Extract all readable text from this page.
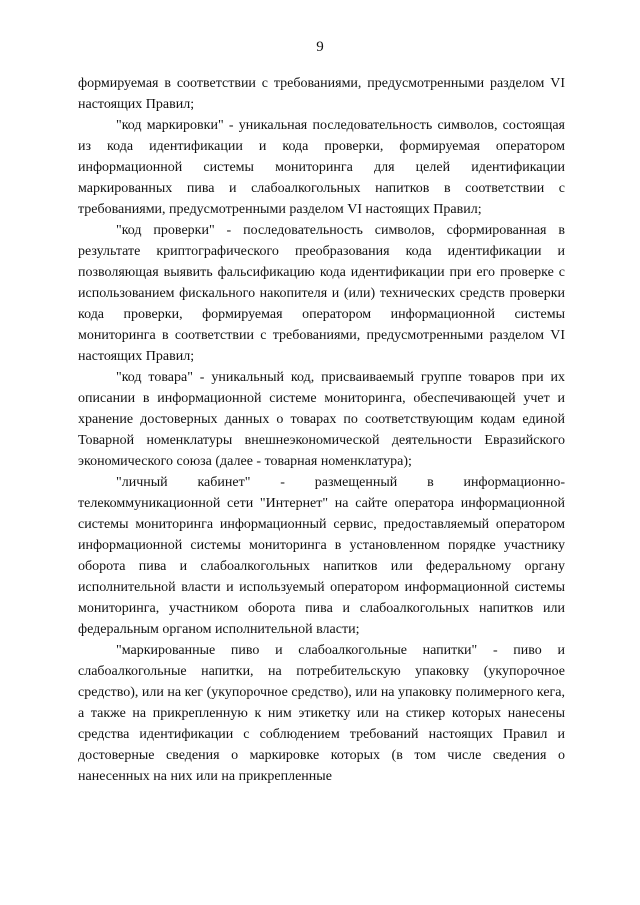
9

формируемая в соответствии с требованиями, предусмотренными разделом VI настоящих Правил;

"код маркировки" - уникальная последовательность символов, состоящая из кода идентификации и кода проверки, формируемая оператором информационной системы мониторинга для целей идентификации маркированных пива и слабоалкогольных напитков в соответствии с требованиями, предусмотренными разделом VI настоящих Правил;

"код проверки" - последовательность символов, сформированная в результате криптографического преобразования кода идентификации и позволяющая выявить фальсификацию кода идентификации при его проверке с использованием фискального накопителя и (или) технических средств проверки кода проверки, формируемая оператором информационной системы мониторинга в соответствии с требованиями, предусмотренными разделом VI настоящих Правил;

"код товара" - уникальный код, присваиваемый группе товаров при их описании в информационной системе мониторинга, обеспечивающей учет и хранение достоверных данных о товарах по соответствующим кодам единой Товарной номенклатуры внешнеэкономической деятельности Евразийского экономического союза (далее - товарная номенклатура);

"личный кабинет" - размещенный в информационно-телекоммуникационной сети "Интернет" на сайте оператора информационной системы мониторинга информационный сервис, предоставляемый оператором информационной системы мониторинга в установленном порядке участнику оборота пива и слабоалкогольных напитков или федеральному органу исполнительной власти и используемый оператором информационной системы мониторинга, участником оборота пива и слабоалкогольных напитков или федеральным органом исполнительной власти;

"маркированные пиво и слабоалкогольные напитки" - пиво и слабоалкогольные напитки, на потребительскую упаковку (укупорочное средство), или на кег (укупорочное средство), или на упаковку полимерного кега, а также на прикрепленную к ним этикетку или на стикер которых нанесены средства идентификации с соблюдением требований настоящих Правил и достоверные сведения о маркировке которых (в том числе сведения о нанесенных на них или на прикрепленные
